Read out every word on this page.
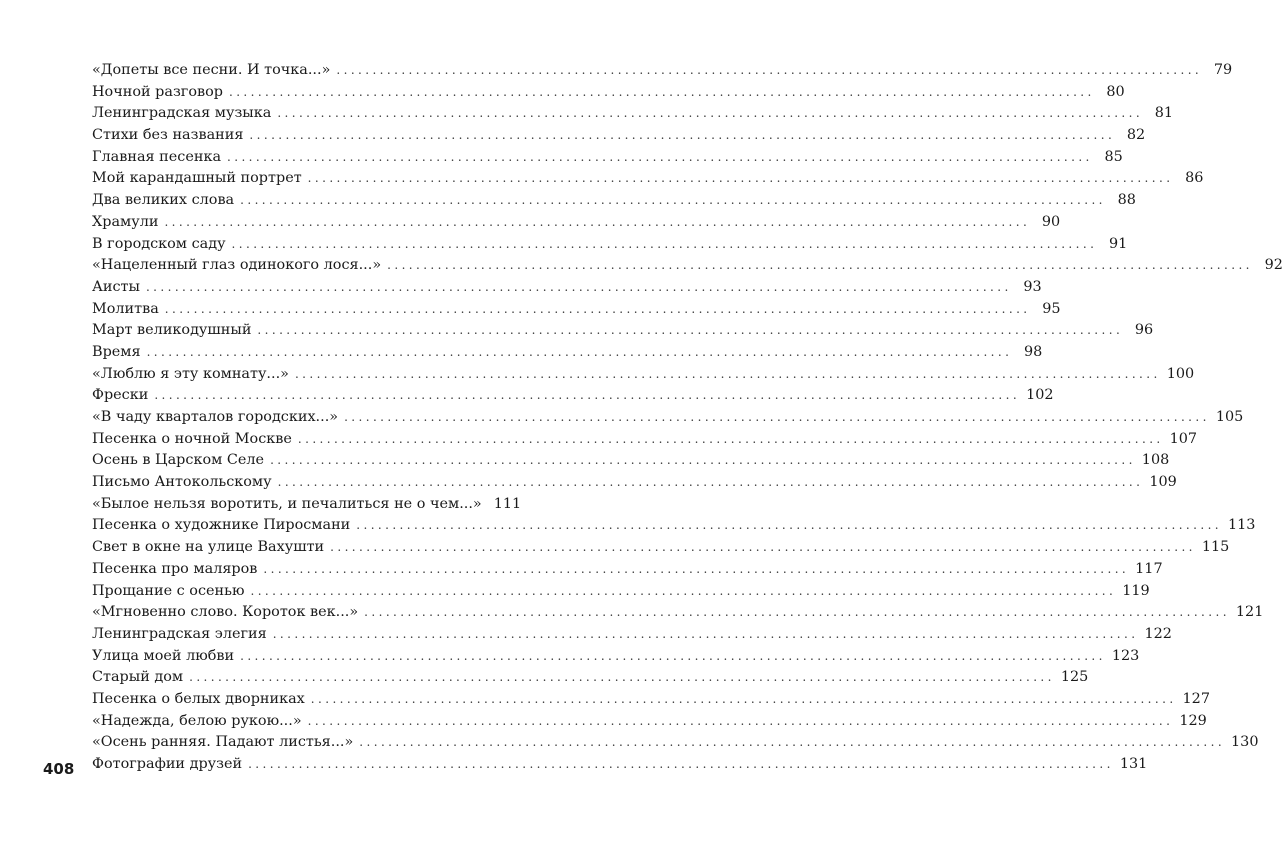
«Допеты все песни. И точка...» ........................................................................................................................ 79
Ночной разговор ........................................................................................................................ 80
Ленинградская музыка ........................................................................................................................ 81
Стихи без названия ........................................................................................................................ 82
Главная песенка ........................................................................................................................ 85
Мой карандашный портрет ........................................................................................................................ 86
Два великих слова ........................................................................................................................ 88
Храмули ........................................................................................................................ 90
В городском саду ........................................................................................................................ 91
«Нацеленный глаз одинокого лося...» ........................................................................................................................ 92
Аисты ........................................................................................................................ 93
Молитва ........................................................................................................................ 95
Март великодушный ........................................................................................................................ 96
Время ........................................................................................................................ 98
«Люблю я эту комнату...» ........................................................................................................................ 100
Фрески ........................................................................................................................ 102
«В чаду кварталов городских...» ........................................................................................................................ 105
Песенка о ночной Москве ........................................................................................................................ 107
Осень в Царском Селе ........................................................................................................................ 108
Письмо Антокольскому ........................................................................................................................ 109
«Былое нельзя воротить, и печалиться не о чем...» 111
Песенка о художнике Пиросмани ........................................................................................................................ 113
Свет в окне на улице Вахушти ........................................................................................................................ 115
Песенка про маляров ........................................................................................................................ 117
Прощание с осенью ........................................................................................................................ 119
«Мгновенно слово. Короток век...» ........................................................................................................................ 121
Ленинградская элегия ........................................................................................................................ 122
Улица моей любви ........................................................................................................................ 123
Старый дом ........................................................................................................................ 125
Песенка о белых дворниках ........................................................................................................................ 127
«Надежда, белою рукою...» ........................................................................................................................ 129
«Осень ранняя. Падают листья...» ........................................................................................................................ 130
Фотографии друзей ........................................................................................................................ 131
408
